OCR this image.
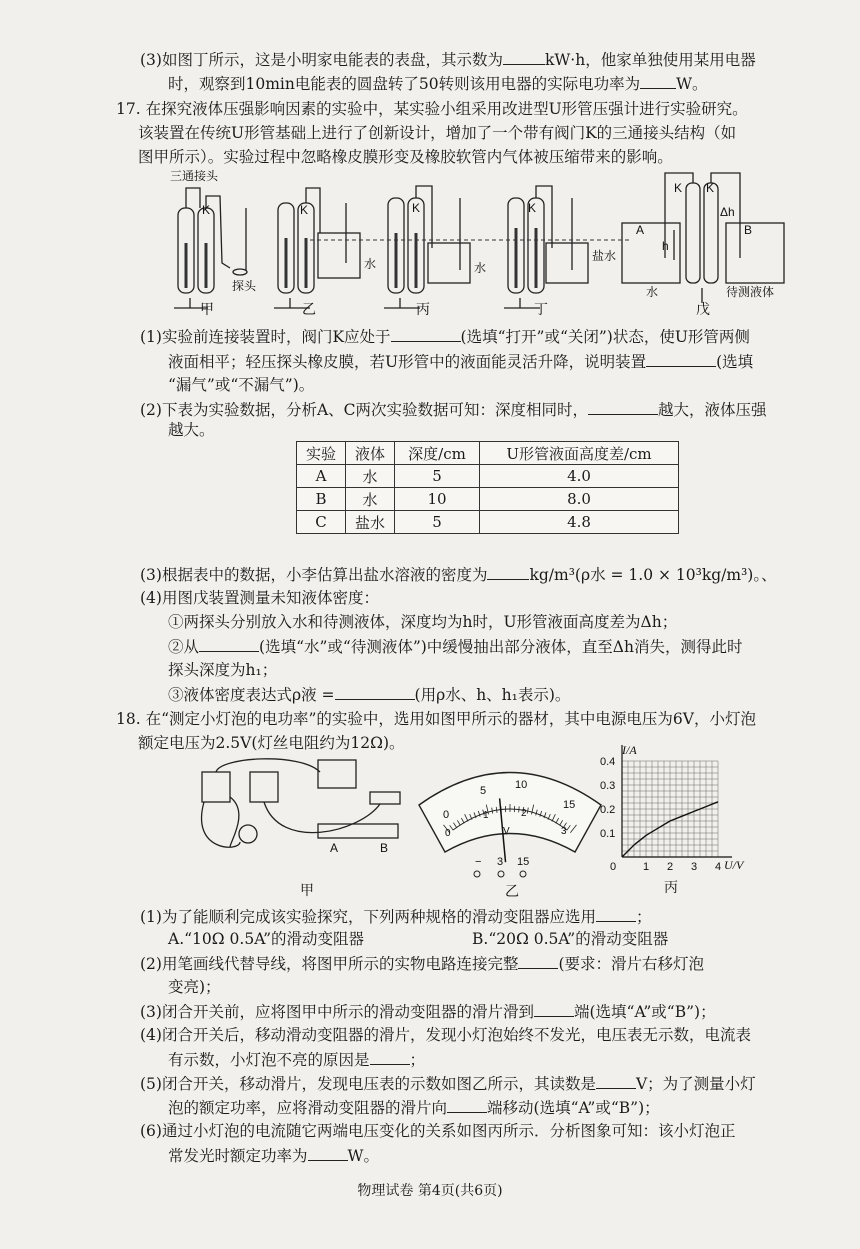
(3)如图丁所示，这是小明家电能表的表盘，其示数为	kW·h，他家单独使用某用电器
时，观察到10min电能表的圆盘转了50转则该用电器的实际电功率为 W。
17. 在探究液体压强影响因素的实验中，某实验小组采用改进型U形管压强计进行实验研究。
该装置在传统U形管基础上进行了创新设计，增加了一个带有阀门K的三通接头结构（如
图甲所示）。实验过程中忽略橡皮膜形变及橡胶软管内气体被压缩带来的影响。
三通接头
K	K	K	K
K K
探头
水	水
盐水
A	B
h
Δh
水	待测液体
甲	乙	丙	丁	戊
(1)实验前连接装置时，阀门K应处于	(选填“打开”或“关闭”)状态，使U形管两侧
液面相平；轻压探头橡皮膜，若U形管中的液面能灵活升降，说明装置	(选填
“漏气”或“不漏气”)。
(2)下表为实验数据，分析A、C两次实验数据可知：深度相同时，	越大，液体压强
越大。
实验	液体	深度/cm	U形管液面高度差/cm
A	水	5	4.0
B	水	10	8.0
C	盐水	5	4.8
(3)根据表中的数据，小李估算出盐水溶液的密度为	kg/m³(ρ水 = 1.0 × 10³kg/m³)。、
(4)用图戊装置测量未知液体密度：
①两探头分别放入水和待测液体，深度均为h时，U形管液面高度差为Δh；
②从	(选填“水”或“待测液体”)中缓慢抽出部分液体，直至Δh消失，测得此时
探头深度为h₁；
③液体密度表达式ρ液 =	(用ρ水、h、h₁表示)。
18. 在“测定小灯泡的电功率”的实验中，选用如图甲所示的器材，其中电源电压为6V，小灯泡
额定电压为2.5V(灯丝电阻约为12Ω)。
A	B
甲
0
5	10
15
0
1	2
3
V
− 3 15
乙
0 1 2 3 4
0.1
0.2
0.3
0.4
I/A
U/V
丙
(1)为了能顺利完成该实验探究，下列两种规格的滑动变阻器应选用	；
A.“10Ω 0.5A”的滑动变阻器	B.“20Ω 0.5A”的滑动变阻器
(2)用笔画线代替导线，将图甲所示的实物电路连接完整	(要求：滑片右移灯泡
变亮)；
(3)闭合开关前，应将图甲中所示的滑动变阻器的滑片滑到	端(选填“A”或“B”)；
(4)闭合开关后，移动滑动变阻器的滑片，发现小灯泡始终不发光，电压表无示数，电流表
有示数，小灯泡不亮的原因是	；
(5)闭合开关，移动滑片，发现电压表的示数如图乙所示，其读数是	V；为了测量小灯
泡的额定功率，应将滑动变阻器的滑片向	端移动(选填“A”或“B”)；
(6)通过小灯泡的电流随它两端电压变化的关系如图丙所示．分析图象可知：该小灯泡正
常发光时额定功率为	W。
物理试卷 第4页(共6页)
